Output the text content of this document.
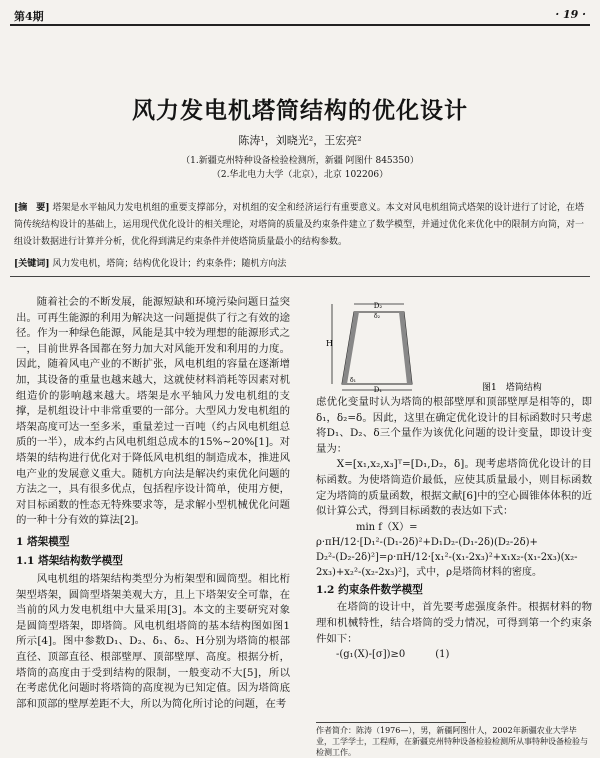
第4期	· 19 ·
风力发电机塔筒结构的优化设计
陈涛¹，刘晓光²，王宏亮²
（1.新疆克州特种设备检验检测所，新疆 阿图什 845350）
（2.华北电力大学（北京），北京 102206）
[摘　要] 塔架是水平轴风力发电机组的重要支撑部分，对机组的安全和经济运行有重要意义。本文对风电机组筒式塔架的设计进行了讨论，在塔筒传统结构设计的基础上，运用现代优化设计的相关理论，对塔筒的质量及约束条件建立了数学模型，并通过优化来优化中的限制方向筒，对一组设计数据进行计算并分析，优化得到满足约束条件并使塔筒质量最小的结构参数。
[关键词] 风力发电机，塔筒；结构优化设计；约束条件；随机方向法

随着社会的不断发展，能源短缺和环境污染问题日益突出。可再生能源的利用为解决这一问题提供了行之有效的途径。作为一种绿色能源，风能是其中较为理想的能源形式之一，目前世界各国都在努力加大对风能开发和利用的力度。因此，随着风电产业的不断扩张，风电机组的容量在逐渐增加，其设备的重量也越来越大，这就使材料消耗等因素对机组造价的影响越来越大。塔架是水平轴风力发电机组的支撑，是机组设计中非常重要的一部分。大型风力发电机组的塔架高度可达一至多米，重量差过一百吨（约占风电机组总质的一半），成本约占风电机组总成本的15%~20%[1]。对塔架的结构进行优化对于降低风电机组的制造成本，推进风电产业的发展意义重大。随机方向法是解决约束优化问题的方法之一，具有很多优点，包括程序设计简单，使用方便，对目标函数的性态无特殊要求等，是求解小型机械优化问题的一种十分有效的算法[2]。

1 塔架模型
1.1 塔架结构数学模型

风电机组的塔架结构类型分为桁架型和圆筒型。相比桁架型塔架，圆筒型塔架美观大方，且上下塔架安全可靠，在当前的风力发电机组中大量采用[3]。本文的主要研究对象是圆筒型塔架，即塔筒。风电机组塔筒的基本结构图如图1所示[4]。图中参数D₁、D₂、δ₁、δ₂、H分别为塔筒的根部直径、顶部直径、根部壁厚、顶部壁厚、高度。根据分析，塔筒的高度由于受到结构的限制，一般变动不大[5]，所以在考虑优化问题时将塔筒的高度视为已知定值。因为塔筒底部和顶部的壁厚差距不大，所以为简化所讨论的问题，在考

D₂
H
δ₁
δ₂
D₁	图1　塔筒结构

虑优化变量时认为塔筒的根部壁厚和顶部壁厚是相等的，即δ₁，δ₂=δ。因此，这里在确定优化设计的目标函数时只考虑将D₁、D₂、δ三个量作为该优化问题的设计变量，即设计变量为：

X=[x₁,x₂,x₃]ᵀ=[D₁,D₂，δ]。现考虑塔筒优化设计的目标函数。为使塔筒造价最低，应使其质量最小，则目标函数定为塔筒的质量函数，根据文献[6]中的空心圆锥体体积的近似计算公式，得到目标函数的表达如下式：

min f（X）=
ρ·πH/12·[D₁²-(D₁-2δ)²+D₁D₂-(D₁-2δ)(D₂-2δ)+
D₂²-(D₂-2δ)²]=ρ·πH/12·[x₁²-(x₁-2x₃)²+x₁x₂-(x₁-2x₃)(x₂-
2x₃)+x₂²-(x₂-2x₃)²]，式中，ρ是塔筒材料的密度。
1.2 约束条件数学模型

在塔筒的设计中，首先要考虑强度条件。根据材料的物理和机械特性，结合塔筒的受力情况，可得到第一个约束条件如下：

-(g₁(X)-[σ])≥0　　　(1)
作者简介：陈涛（1976—），男，新疆阿图什人，2002年新疆农业大学毕业，工学学士，工程师，在新疆克州特种设备检验检测所从事特种设备检验与检测工作。
